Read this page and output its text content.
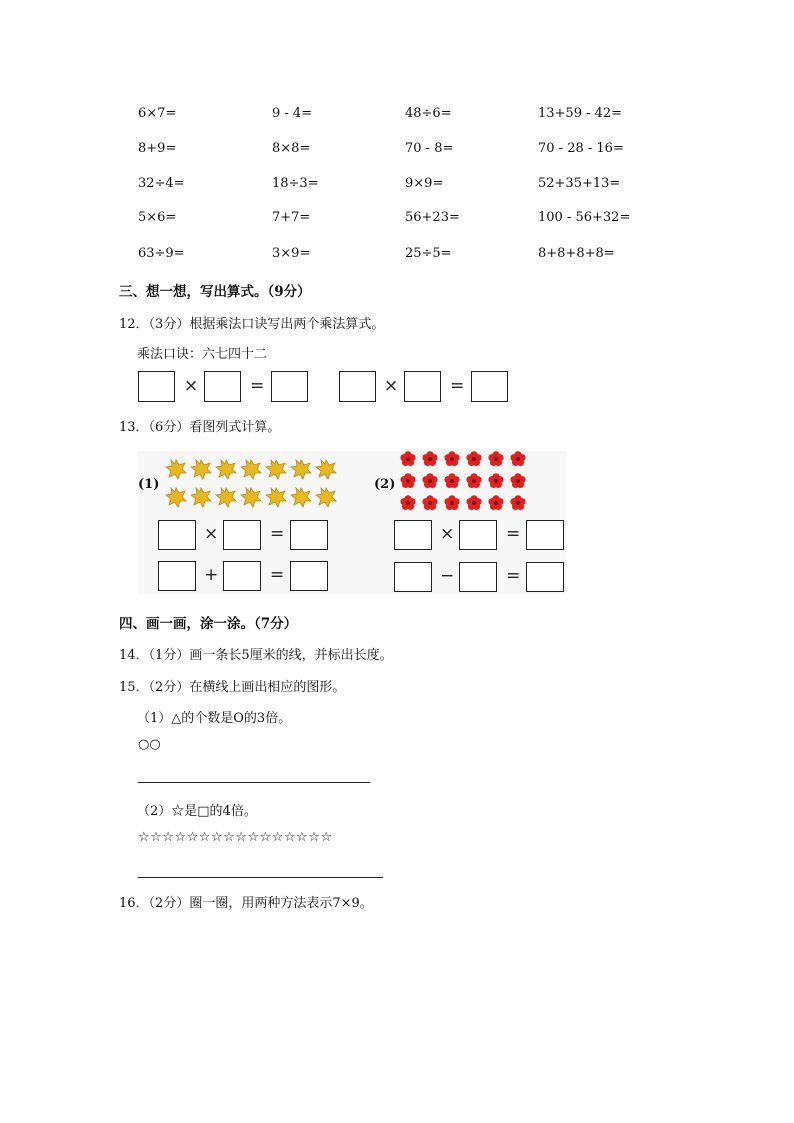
6×7=	9 - 4=	48÷6=	13+59 - 42=
8+9=	8×8=	70 - 8=	70 - 28 - 16=
32÷4=	18÷3=	9×9=	52+35+13=
5×6=	7+7=	56+23=	100 - 56+32=
63÷9=	3×9=	25÷5=	8+8+8+8=
三、想一想，写出算式。（9分）
12．（3分）根据乘法口诀写出两个乘法算式。
乘法口诀：六七四十二
×	=	×	=
13．（6分）看图列式计算。
(1)	(2)
×	=
+	=
×	=
−	=
四、画一画，涂一涂。（7分）
14．（1分）画一条长5厘米的线，并标出长度。
15．（2分）在横线上画出相应的图形。
（1）△的个数是O的3倍。
○○
（2）☆是□的4倍。
☆☆☆☆☆☆☆☆☆☆☆☆☆☆☆☆
16．（2分）圈一圈，用两种方法表示7×9。
